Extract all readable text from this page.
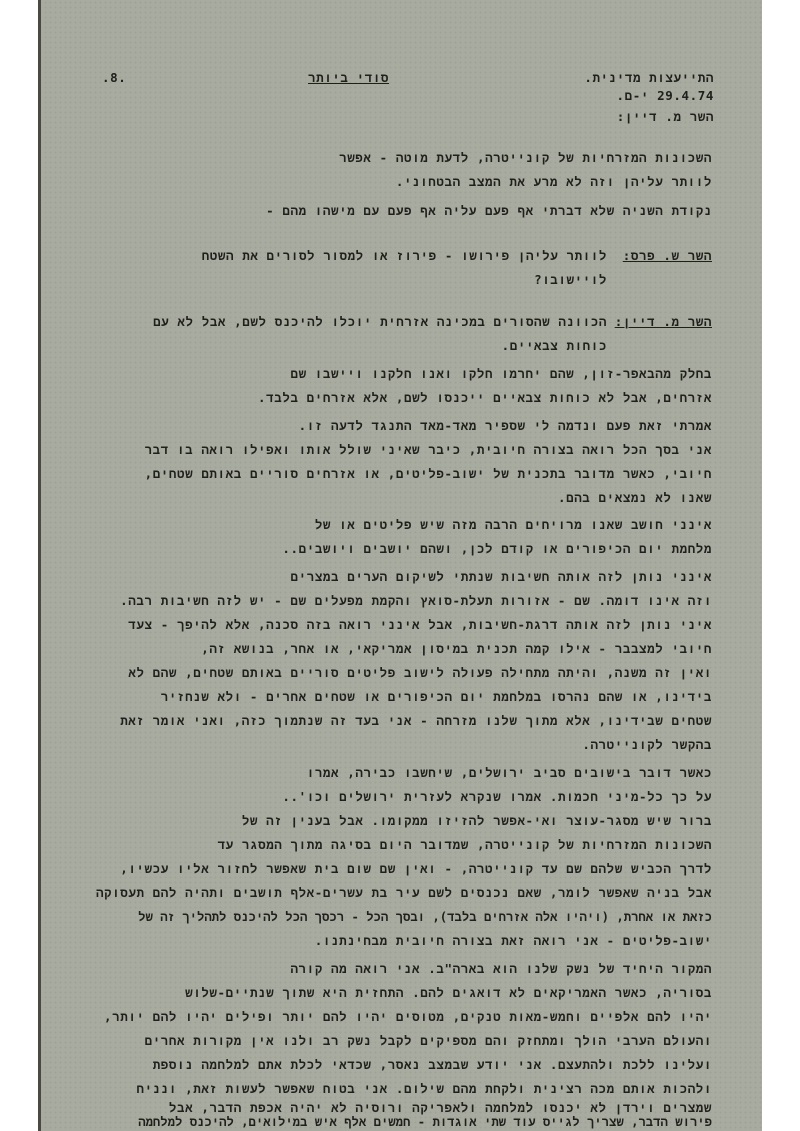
התייעצות מדינית.
29.4.74 י-ם.
סודי ביותר
.8.
השר מ. דיין:
השכונות המזרחיות של קונייטרה, לדעת מוטה - אפשר
לוותר עליהן וזה לא מרע את המצב הבטחוני.
נקודת השניה שלא דברתי אף פעם עליה אף פעם עם מישהו מהם -
השר ש. פרס:
לוותר עליהן פירושו - פירוז או למסור לסורים את השטח
לויישובו?
השר מ. דיין:
הכוונה שהסורים במכינה אזרחית יוכלו להיכנס לשם, אבל לא עם
כוחות צבאיים.
בחלק מהבאפר-זון, שהם יחרמו חלקו ואנו חלקנו ויישבו שם
אזרחים, אבל לא כוחות צבאיים ייכנסו לשם, אלא אזרחים בלבד.
אמרתי זאת פעם ונדמה לי שספיר מאד-מאד התנגד לדעה זו.
אני בסך הכל רואה בצורה חיובית, כיבר שאיני שולל אותו ואפילו רואה בו דבר
חיובי, כאשר מדובר בתכנית של ישוב-פליטים, או אזרחים סוריים באותם שטחים,
שאנו לא נמצאים בהם.
אינני חושב שאנו מרויחים הרבה מזה שיש פליטים או של
מלחמת יום הכיפורים או קודם לכן, ושהם יושבים ויושבים..
אינני נותן לזה אותה חשיבות שנתתי לשיקום הערים במצרים
וזה אינו דומה. שם - אזורות תעלת-סואץ והקמת מפעלים שם - יש לזה חשיבות רבה.
איני נותן לזה אותה דרגת-חשיבות, אבל אינני רואה בזה סכנה, אלא להיפך - צעד
חיובי למצבבר - אילו קמה תכנית במיסון אמריקאי, או אחר, בנושא זה,
ואין זה משנה, והיתה מתחילה פעולה לישוב פליטים סוריים באותם שטחים, שהם לא
בידינו, או שהם נהרסו במלחמת יום הכיפורים או שטחים אחרים - ולא שנחזיר
שטחים שבידינו, אלא מתוך שלנו מזרחה - אני בעד זה שנתמוך כזה, ואני אומר זאת
בהקשר לקונייטרה.
כאשר דובר בישובים סביב ירושלים, שיחשבו כבירה, אמרו
על כך כל-מיני חכמות. אמרו שנקרא לעזרית ירושלים וכו'..
ברור שיש מסגר-עוצר ואי-אפשר להזיזו ממקומו. אבל בענין זה של
השכונות המזרחיות של קונייטרה, שמדובר היום בסיגה מתוך המסגר עד
לדרך הכביש שלהם שם עד קונייטרה, - ואין שם שום בית שאפשר לחזור אליו עכשיו,
אבל בניה שאפשר לומר, שאם נכנסים לשם עיר בת עשרים-אלף תושבים ותהיה להם תעסוקה
כזאת או אחרת, (ויהיו אלה אזרחים בלבד), ובסך הכל - רכסך הכל להיכנס לתהליך זה של
ישוב-פליטים - אני רואה זאת בצורה חיובית מבחינתנו.
המקור היחיד של נשק שלנו הוא בארה"ב. אני רואה מה קורה
בסוריה, כאשר האמריקאים לא דואגים להם. התחזית היא שתוך שנתיים-שלוש
יהיו להם אלפיים וחמש-מאות טנקים, מטוסים יהיו להם יותר ופילים יהיו להם יותר,
והעולם הערבי הולך ומתחזק והם מספיקים לקבל נשק רב ולנו אין מקורות אחרים
ועלינו ללכת ולהתעצם. אני יודע שבמצב נאסר, שכדאי לכלת אתם למלחמה נוספת
ולהכות אותם מכה רצינית ולקחת מהם שילום. אני בטוח שאפשר לעשות זאת, ונניח
שמצרים וירדן לא יכנסו למלחמה ולאפריקה ורוסיה לא יהיה אכפת הדבר, אבל
פירוש הדבר, שצריך לגייס עוד שתי אוגדות - חמשים אלף איש במילואים, להיכנס למלחמה
